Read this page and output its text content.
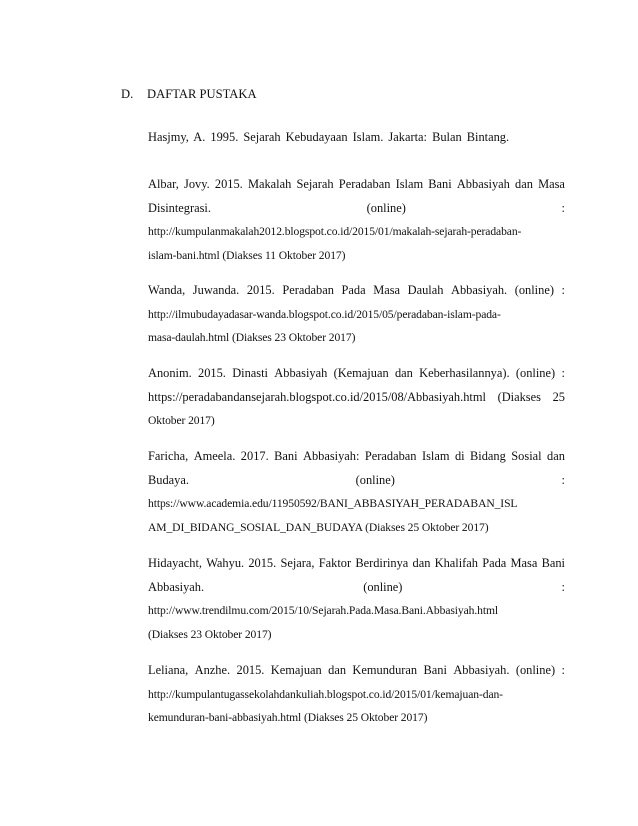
D. DAFTAR PUSTAKA
Hasjmy, A. 1995. Sejarah Kebudayaan Islam. Jakarta: Bulan Bintang.
Albar, Jovy. 2015. Makalah Sejarah Peradaban Islam Bani Abbasiyah dan Masa
Disintegrasi.	(online)	:
http://kumpulanmakalah2012.blogspot.co.id/2015/01/makalah-sejarah-peradaban-
islam-bani.html (Diakses 11 Oktober 2017)
Wanda, Juwanda. 2015. Peradaban Pada Masa Daulah Abbasiyah. (online) :
http://ilmubudayadasar-wanda.blogspot.co.id/2015/05/peradaban-islam-pada-
masa-daulah.html (Diakses 23 Oktober 2017)
Anonim. 2015. Dinasti Abbasiyah (Kemajuan dan Keberhasilannya). (online) :
https://peradabandansejarah.blogspot.co.id/2015/08/Abbasiyah.html (Diakses 25
Oktober 2017)
Faricha, Ameela. 2017. Bani Abbasiyah: Peradaban Islam di Bidang Sosial dan
Budaya.	(online)	:
https://www.academia.edu/11950592/BANI_ABBASIYAH_PERADABAN_ISL
AM_DI_BIDANG_SOSIAL_DAN_BUDAYA (Diakses 25 Oktober 2017)
Hidayacht, Wahyu. 2015. Sejara, Faktor Berdirinya dan Khalifah Pada Masa Bani
Abbasiyah.	(online)	:
http://www.trendilmu.com/2015/10/Sejarah.Pada.Masa.Bani.Abbasiyah.html
(Diakses 23 Oktober 2017)
Leliana, Anzhe. 2015. Kemajuan dan Kemunduran Bani Abbasiyah. (online) :
http://kumpulantugassekolahdankuliah.blogspot.co.id/2015/01/kemajuan-dan-
kemunduran-bani-abbasiyah.html (Diakses 25 Oktober 2017)
